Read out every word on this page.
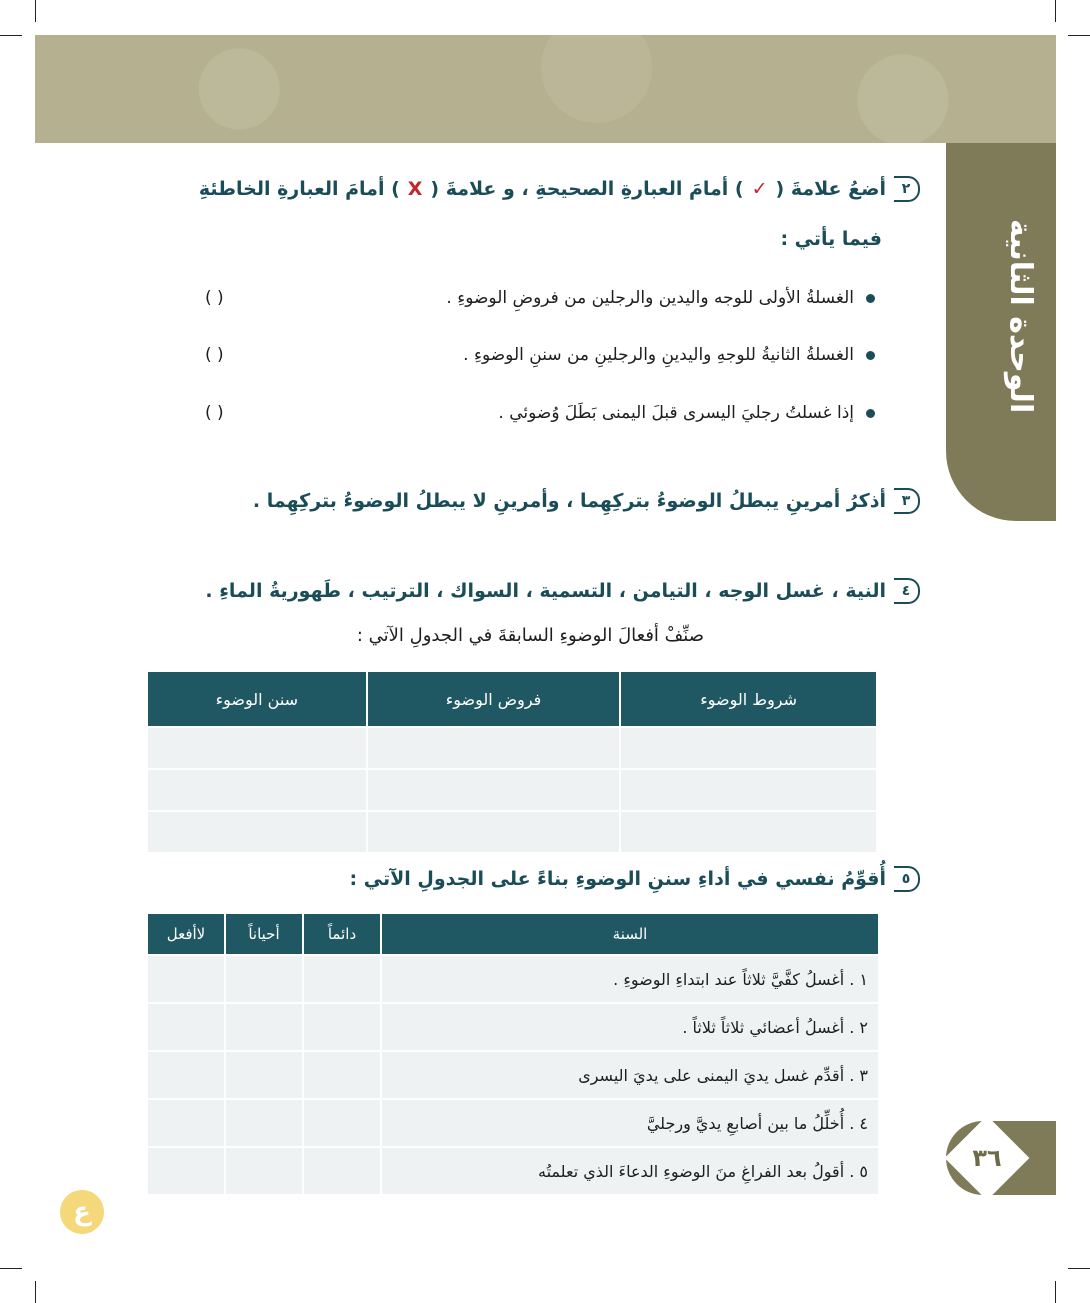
الوحدة الثانية
٢
أضعُ علامةَ (
✓
) أمامَ العبارةِ الصحيحةِ ، و علامةَ (
X
) أمامَ العبارةِ الخاطئةِ
فيما يأتي :
الغسلةُ الأولى للوجه واليدين والرجلين من فروضِ الوضوءِ .
( )
الغسلةُ الثانيةُ للوجهِ واليدينِ والرجلينِ من سننِ الوضوءِ .
( )
إذا غسلتُ رجليَ اليسرى قبلَ اليمنى بَطَلَ وُضوئي .
( )
٣
أذكرُ أمرينِ يبطلُ الوضوءُ بتركِهِما ، وأمرينِ لا يبطلُ الوضوءُ بتركِهِما .
٤
النية ، غسل الوجه ، التيامن ، التسمية ، السواك ، الترتيب ، طَهوريةُ الماءِ .
صنِّفْ أفعالَ الوضوءِ السابقةَ في الجدولِ الآتي :
شروط الوضوء	فروض الوضوء	سنن الوضوء

٥
أُقوِّمُ نفسي في أداءِ سننِ الوضوءِ بناءً على الجدولِ الآتي :
السنة	دائماً	أحياناً	لاأفعل
١ . أغسلُ كفَّيَّ ثلاثاً عند ابتداءِ الوضوءِ .			
٢ . أغسلُ أعضائي ثلاثاً ثلاثاً .			
٣ . أقدِّم غسل يديَ اليمنى على يديَ اليسرى			
٤ . أُخلِّلُ ما بين أصابعِ يديَّ ورجليَّ			
٥ . أقولُ بعد الفراغِ منَ الوضوءِ الدعاءَ الذي تعلمتُه				٣٦
ع
